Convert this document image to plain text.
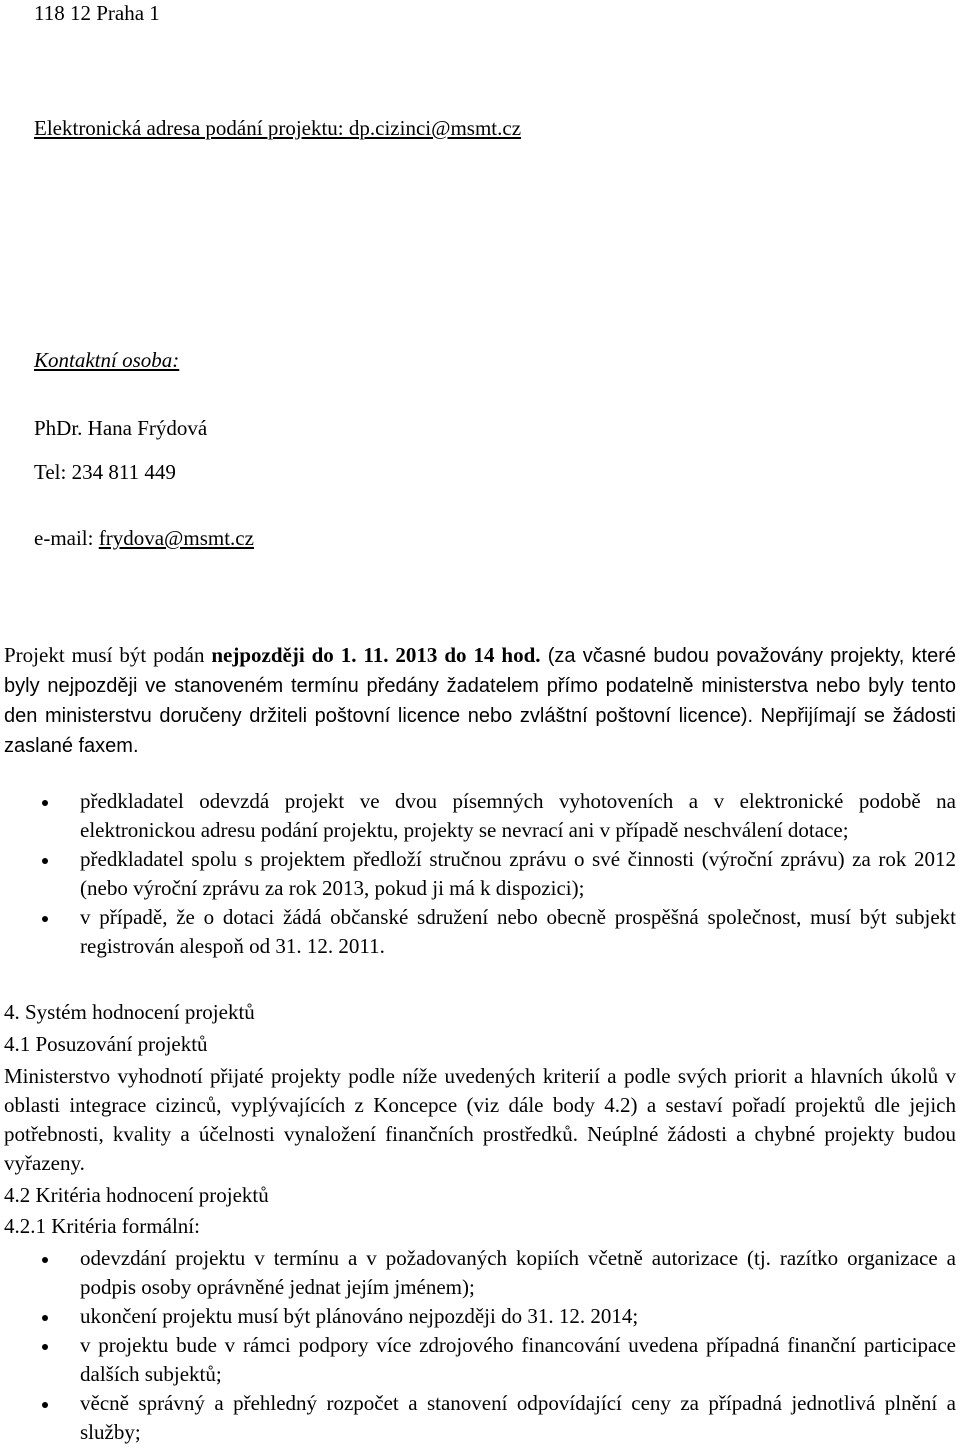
118 12 Praha 1

Elektronická adresa podání projektu: dp.cizinci@msmt.cz

Kontaktní osoba:

PhDr. Hana Frýdová

Tel: 234 811 449

e-mail: frydova@msmt.cz

Projekt musí být podán nejpozději do 1. 11. 2013 do 14 hod. (za včasné budou považovány projekty, které byly nejpozději ve stanoveném termínu předány žadatelem přímo podatelně ministerstva nebo byly tento den ministerstvu doručeny držiteli poštovní licence nebo zvláštní poštovní licence). Nepřijímají se žádosti zaslané faxem.

předkladatel odevzdá projekt ve dvou písemných vyhotoveních a v elektronické podobě na elektronickou adresu podání projektu, projekty se nevrací ani v případě neschválení dotace;
předkladatel spolu s projektem předloží stručnou zprávu o své činnosti (výroční zprávu) za rok 2012 (nebo výroční zprávu za rok 2013, pokud ji má k dispozici);
v případě, že o dotaci žádá občanské sdružení nebo obecně prospěšná společnost, musí být subjekt registrován alespoň od 31. 12. 2011.

4. Systém hodnocení projektů

4.1 Posuzování projektů

Ministerstvo vyhodnotí přijaté projekty podle níže uvedených kriterií a podle svých priorit a hlavních úkolů v oblasti integrace cizinců, vyplývajících z Koncepce (viz dále body 4.2) a sestaví pořadí projektů dle jejich potřebnosti, kvality a účelnosti vynaložení finančních prostředků. Neúplné žádosti a chybné projekty budou vyřazeny.

4.2 Kritéria hodnocení projektů

4.2.1 Kritéria formální:

odevzdání projektu v termínu a v požadovaných kopiích včetně autorizace (tj. razítko organizace a podpis osoby oprávněné jednat jejím jménem);
ukončení projektu musí být plánováno nejpozději do 31. 12. 2014;
v projektu bude v rámci podpory více zdrojového financování uvedena případná finanční participace dalších subjektů;
věcně správný a přehledný rozpočet a stanovení odpovídající ceny za případná jednotlivá plnění a služby;
